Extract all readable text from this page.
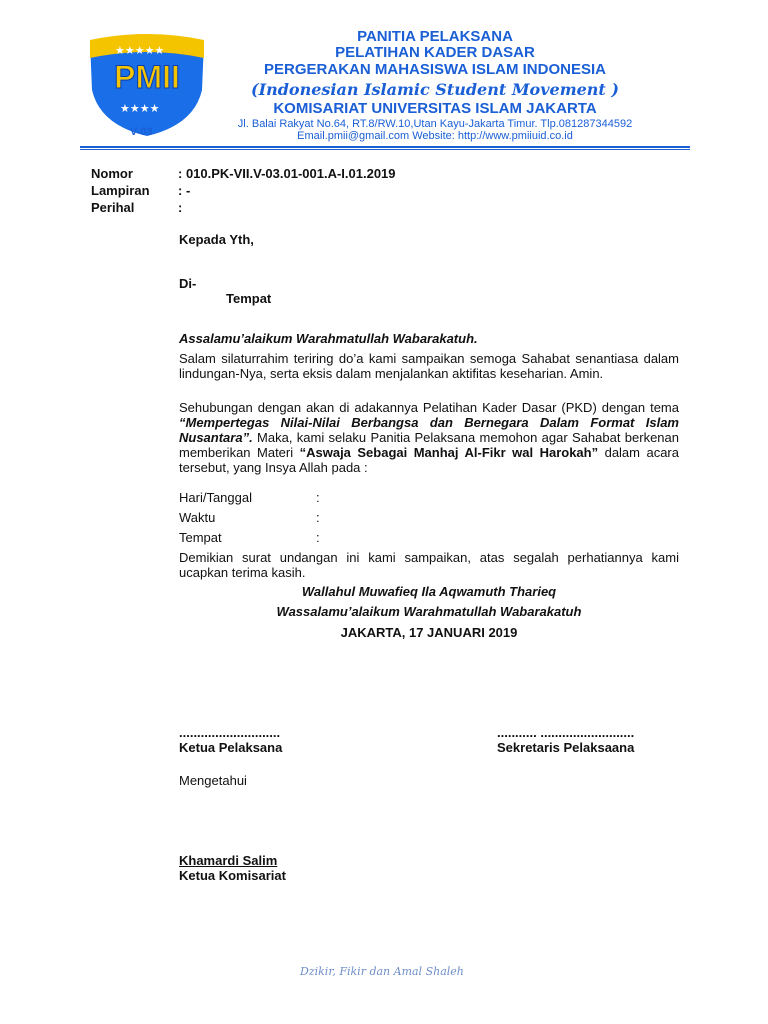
★★★★★
PMII
★★★★
V-03
PANITIA PELAKSANA
PELATIHAN KADER DASAR
PERGERAKAN MAHASISWA ISLAM INDONESIA
(Indonesian Islamic Student Movement )
KOMISARIAT UNIVERSITAS ISLAM JAKARTA
Jl. Balai Rakyat No.64, RT.8/RW.10,Utan Kayu-Jakarta Timur. Tlp.081287344592
Email.pmii@gmail.com Website: http://www.pmiiuid.co.id
Nomor	: 010.PK-VII.V-03.01-001.A-I.01.2019
Lampiran : -
Perihal	:
Kepada Yth,
Di-
Tempat
Assalamu’alaikum Warahmatullah Wabarakatuh.
Salam silaturrahim teriring do’a kami sampaikan semoga Sahabat senantiasa dalam lindungan-Nya, serta eksis dalam menjalankan aktifitas keseharian. Amin.
Sehubungan dengan akan di adakannya Pelatihan Kader Dasar (PKD) dengan tema “Mempertegas Nilai-Nilai Berbangsa dan Bernegara Dalam Format Islam Nusantara”. Maka, kami selaku Panitia Pelaksana memohon agar Sahabat berkenan memberikan Materi “Aswaja Sebagai Manhaj Al-Fikr wal Harokah” dalam acara tersebut, yang Insya Allah pada :
Hari/Tanggal	:
Waktu	:
Tempat	:
Demikian surat undangan ini kami sampaikan, atas segalah perhatiannya kami ucapkan terima kasih.
Wallahul Muwafieq Ila Aqwamuth Tharieq
Wassalamu’alaikum Warahmatullah Wabarakatuh
JAKARTA, 17 JANUARI 2019
............................
Ketua Pelaksana
........... ..........................
Sekretaris Pelaksaana
Mengetahui
Khamardi Salim
Ketua Komisariat
Dzikir, Fikir dan Amal Shaleh
